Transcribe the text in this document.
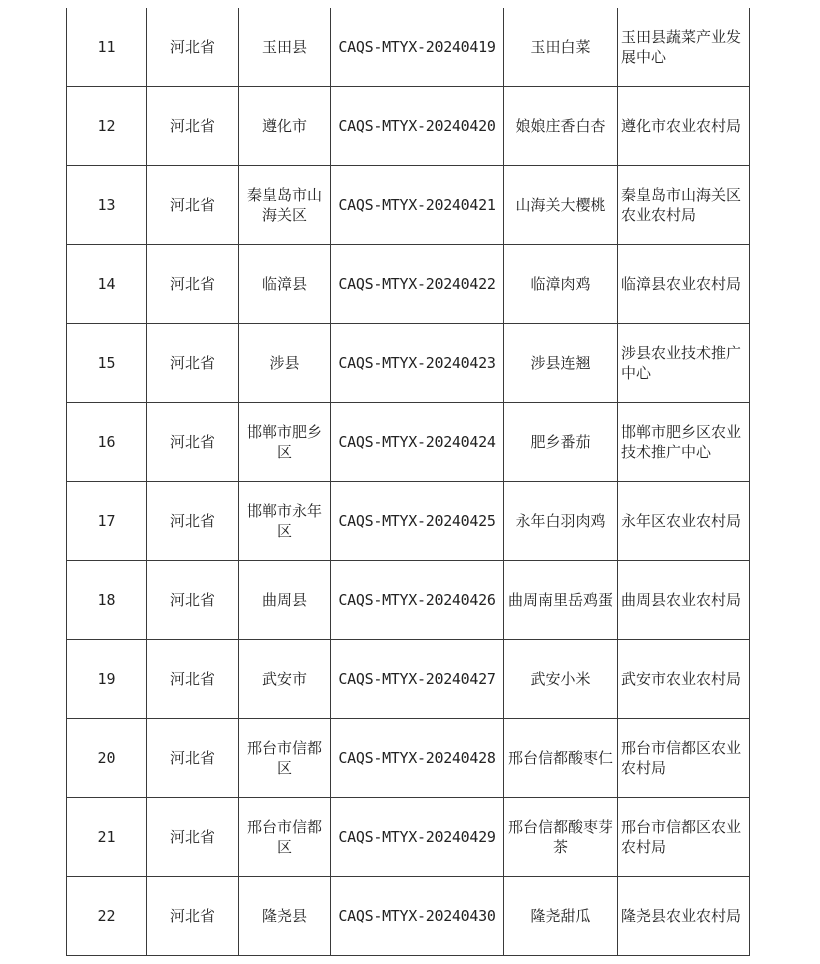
11	河北省	玉田县	CAQS-MTYX-20240419	玉田白菜	玉田县蔬菜产业发展中心
12	河北省	遵化市	CAQS-MTYX-20240420	娘娘庄香白杏	遵化市农业农村局
13	河北省	秦皇岛市山海关区	CAQS-MTYX-20240421	山海关大樱桃	秦皇岛市山海关区农业农村局
14	河北省	临漳县	CAQS-MTYX-20240422	临漳肉鸡	临漳县农业农村局
15	河北省	涉县	CAQS-MTYX-20240423	涉县连翘	涉县农业技术推广中心
16	河北省	邯郸市肥乡区	CAQS-MTYX-20240424	肥乡番茄	邯郸市肥乡区农业技术推广中心
17	河北省	邯郸市永年区	CAQS-MTYX-20240425	永年白羽肉鸡	永年区农业农村局
18	河北省	曲周县	CAQS-MTYX-20240426	曲周南里岳鸡蛋	曲周县农业农村局
19	河北省	武安市	CAQS-MTYX-20240427	武安小米	武安市农业农村局
20	河北省	邢台市信都区	CAQS-MTYX-20240428	邢台信都酸枣仁	邢台市信都区农业农村局
21	河北省	邢台市信都区	CAQS-MTYX-20240429	邢台信都酸枣芽茶	邢台市信都区农业农村局
22	河北省	隆尧县	CAQS-MTYX-20240430	隆尧甜瓜	隆尧县农业农村局
